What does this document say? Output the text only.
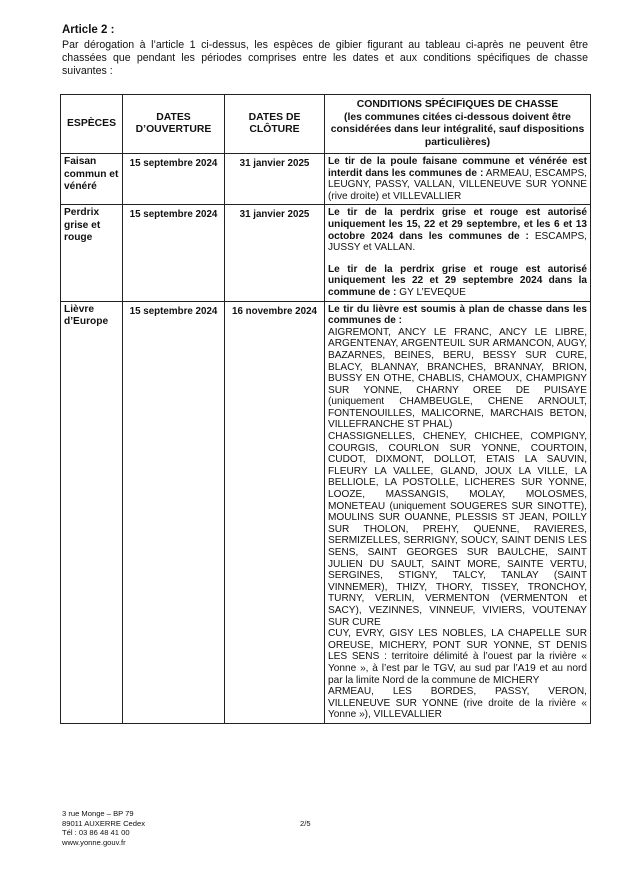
Article 2 :
Par dérogation à l’article 1 ci-dessus, les espèces de gibier figurant au tableau ci-après ne peuvent être chassées que pendant les périodes comprises entre les dates et aux conditions spécifiques de chasse suivantes :
ESPÈCES	DATES D’OUVERTURE	DATES DE CLÔTURE	CONDITIONS SPÉCIFIQUES DE CHASSE
(les communes citées ci-dessous doivent être considérées dans leur intégralité, sauf dispositions particulières)

Faisan commun et vénéré	15 septembre 2024	31 janvier 2025	Le tir de la poule faisane commune et vénérée est interdit dans les communes de : ARMEAU, ESCAMPS, LEUGNY, PASSY, VALLAN, VILLENEUVE SUR YONNE (rive droite) et VILLEVALLIER
Perdrix grise et rouge	15 septembre 2024	31 janvier 2025	Le tir de la perdrix grise et rouge est autorisé uniquement les 15, 22 et 29 septembre, et les 6 et 13 octobre 2024 dans les communes de : ESCAMPS, JUSSY et VALLAN.
Le tir de la perdrix grise et rouge est autorisé uniquement les 22 et 29 septembre 2024 dans la commune de : GY L’EVEQUE

Lièvre d’Europe	15 septembre 2024	16 novembre 2024	Le tir du lièvre est soumis à plan de chasse dans les communes de :
AIGREMONT, ANCY LE FRANC, ANCY LE LIBRE, ARGENTENAY, ARGENTEUIL SUR ARMANCON, AUGY, BAZARNES, BEINES, BERU, BESSY SUR CURE, BLACY, BLANNAY, BRANCHES, BRANNAY, BRION, BUSSY EN OTHE, CHABLIS, CHAMOUX, CHAMPIGNY SUR YONNE, CHARNY OREE DE PUISAYE (uniquement CHAMBEUGLE, CHENE ARNOULT, FONTENOUILLES, MALICORNE, MARCHAIS BETON, VILLEFRANCHE ST PHAL)
CHASSIGNELLES, CHENEY, CHICHEE, COMPIGNY, COURGIS, COURLON SUR YONNE, COURTOIN, CUDOT, DIXMONT, DOLLOT, ETAIS LA SAUVIN, FLEURY LA VALLEE, GLAND, JOUX LA VILLE, LA BELLIOLE, LA POSTOLLE, LICHERES SUR YONNE, LOOZE, MASSANGIS, MOLAY, MOLOSMES, MONETEAU (uniquement SOUGERES SUR SINOTTE), MOULINS SUR OUANNE, PLESSIS ST JEAN, POILLY SUR THOLON, PREHY, QUENNE, RAVIERES, SERMIZELLES, SERRIGNY, SOUCY, SAINT DENIS LES SENS, SAINT GEORGES SUR BAULCHE, SAINT JULIEN DU SAULT, SAINT MORE, SAINTE VERTU, SERGINES, STIGNY, TALCY, TANLAY (SAINT VINNEMER), THIZY, THORY, TISSEY, TRONCHOY, TURNY, VERLIN, VERMENTON (VERMENTON et SACY), VEZINNES, VINNEUF, VIVIERS, VOUTENAY SUR CURE
CUY, EVRY, GISY LES NOBLES, LA CHAPELLE SUR OREUSE, MICHERY, PONT SUR YONNE, ST DENIS LES SENS : territoire délimité à l’ouest par la rivière « Yonne », à l’est par le TGV, au sud par l’A19 et au nord par la limite Nord de la commune de MICHERY
ARMEAU, LES BORDES, PASSY, VERON, VILLENEUVE SUR YONNE (rive droite de la rivière « Yonne »), VILLEVALLIER
3 rue Monge – BP 79
89011 AUXERRE Cedex
Tél : 03 86 48 41 00
www.yonne.gouv.fr
2/5
